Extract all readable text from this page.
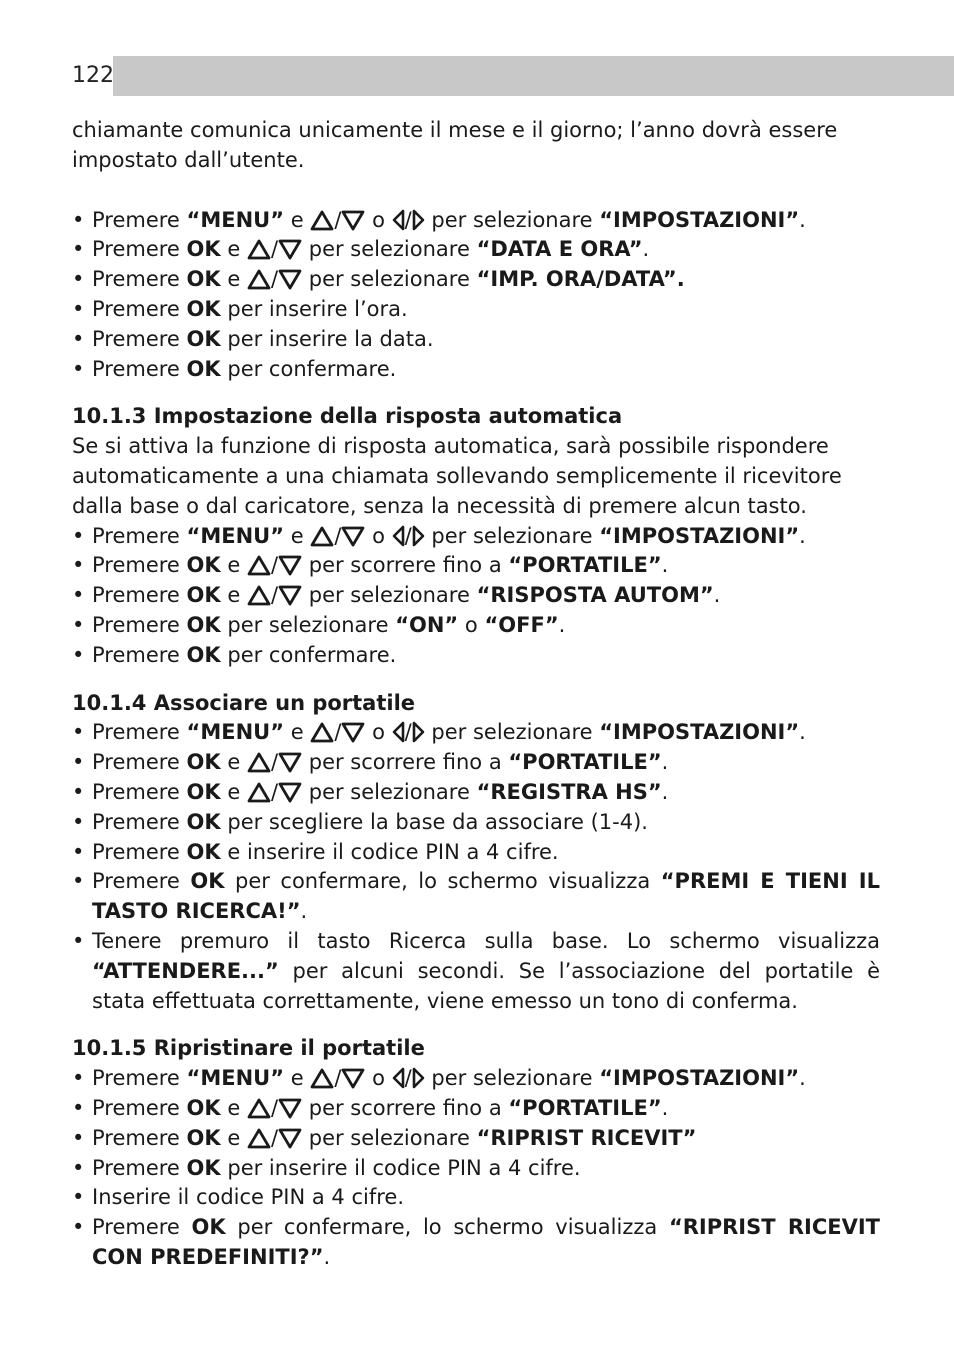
122

chiamante comunica unicamente il mese e il giorno; l’anno dovrà essere

impostato dall’utente.

• Premere “MENU” e / o / per selezionare “IMPOSTAZIONI”.
• Premere OK e / per selezionare “DATA E ORA”.
• Premere OK e / per selezionare “IMP. ORA/DATA”.
• Premere OK per inserire l’ora.
• Premere OK per inserire la data.
• Premere OK per confermare.
10.1.3 Impostazione della risposta automatica

Se si attiva la funzione di risposta automatica, sarà possibile rispondere

automaticamente a una chiamata sollevando semplicemente il ricevitore

dalla base o dal caricatore, senza la necessità di premere alcun tasto.

• Premere “MENU” e / o / per selezionare “IMPOSTAZIONI”.
• Premere OK e / per scorrere fino a “PORTATILE”.
• Premere OK e / per selezionare “RISPOSTA AUTOM”.
• Premere OK per selezionare “ON” o “OFF”.
• Premere OK per confermare.
10.1.4 Associare un portatile
• Premere “MENU” e / o / per selezionare “IMPOSTAZIONI”.
• Premere OK e / per scorrere fino a “PORTATILE”.
• Premere OK e / per selezionare “REGISTRA HS”.
• Premere OK per scegliere la base da associare (1-4).
• Premere OK e inserire il codice PIN a 4 cifre.
• Premere OK per confermare, lo schermo visualizza “PREMI E TIENI IL TASTO RICERCA!”.
• Tenere premuro il tasto Ricerca sulla base. Lo schermo visualizza “ATTENDERE...” per alcuni secondi. Se l’associazione del portatile è stata effettuata correttamente, viene emesso un tono di conferma.
10.1.5 Ripristinare il portatile
• Premere “MENU” e / o / per selezionare “IMPOSTAZIONI”.
• Premere OK e / per scorrere fino a “PORTATILE”.
• Premere OK e / per selezionare “RIPRIST RICEVIT”
• Premere OK per inserire il codice PIN a 4 cifre.
• Inserire il codice PIN a 4 cifre.
• Premere OK per confermare, lo schermo visualizza “RIPRIST RICEVIT CON PREDEFINITI?”.
